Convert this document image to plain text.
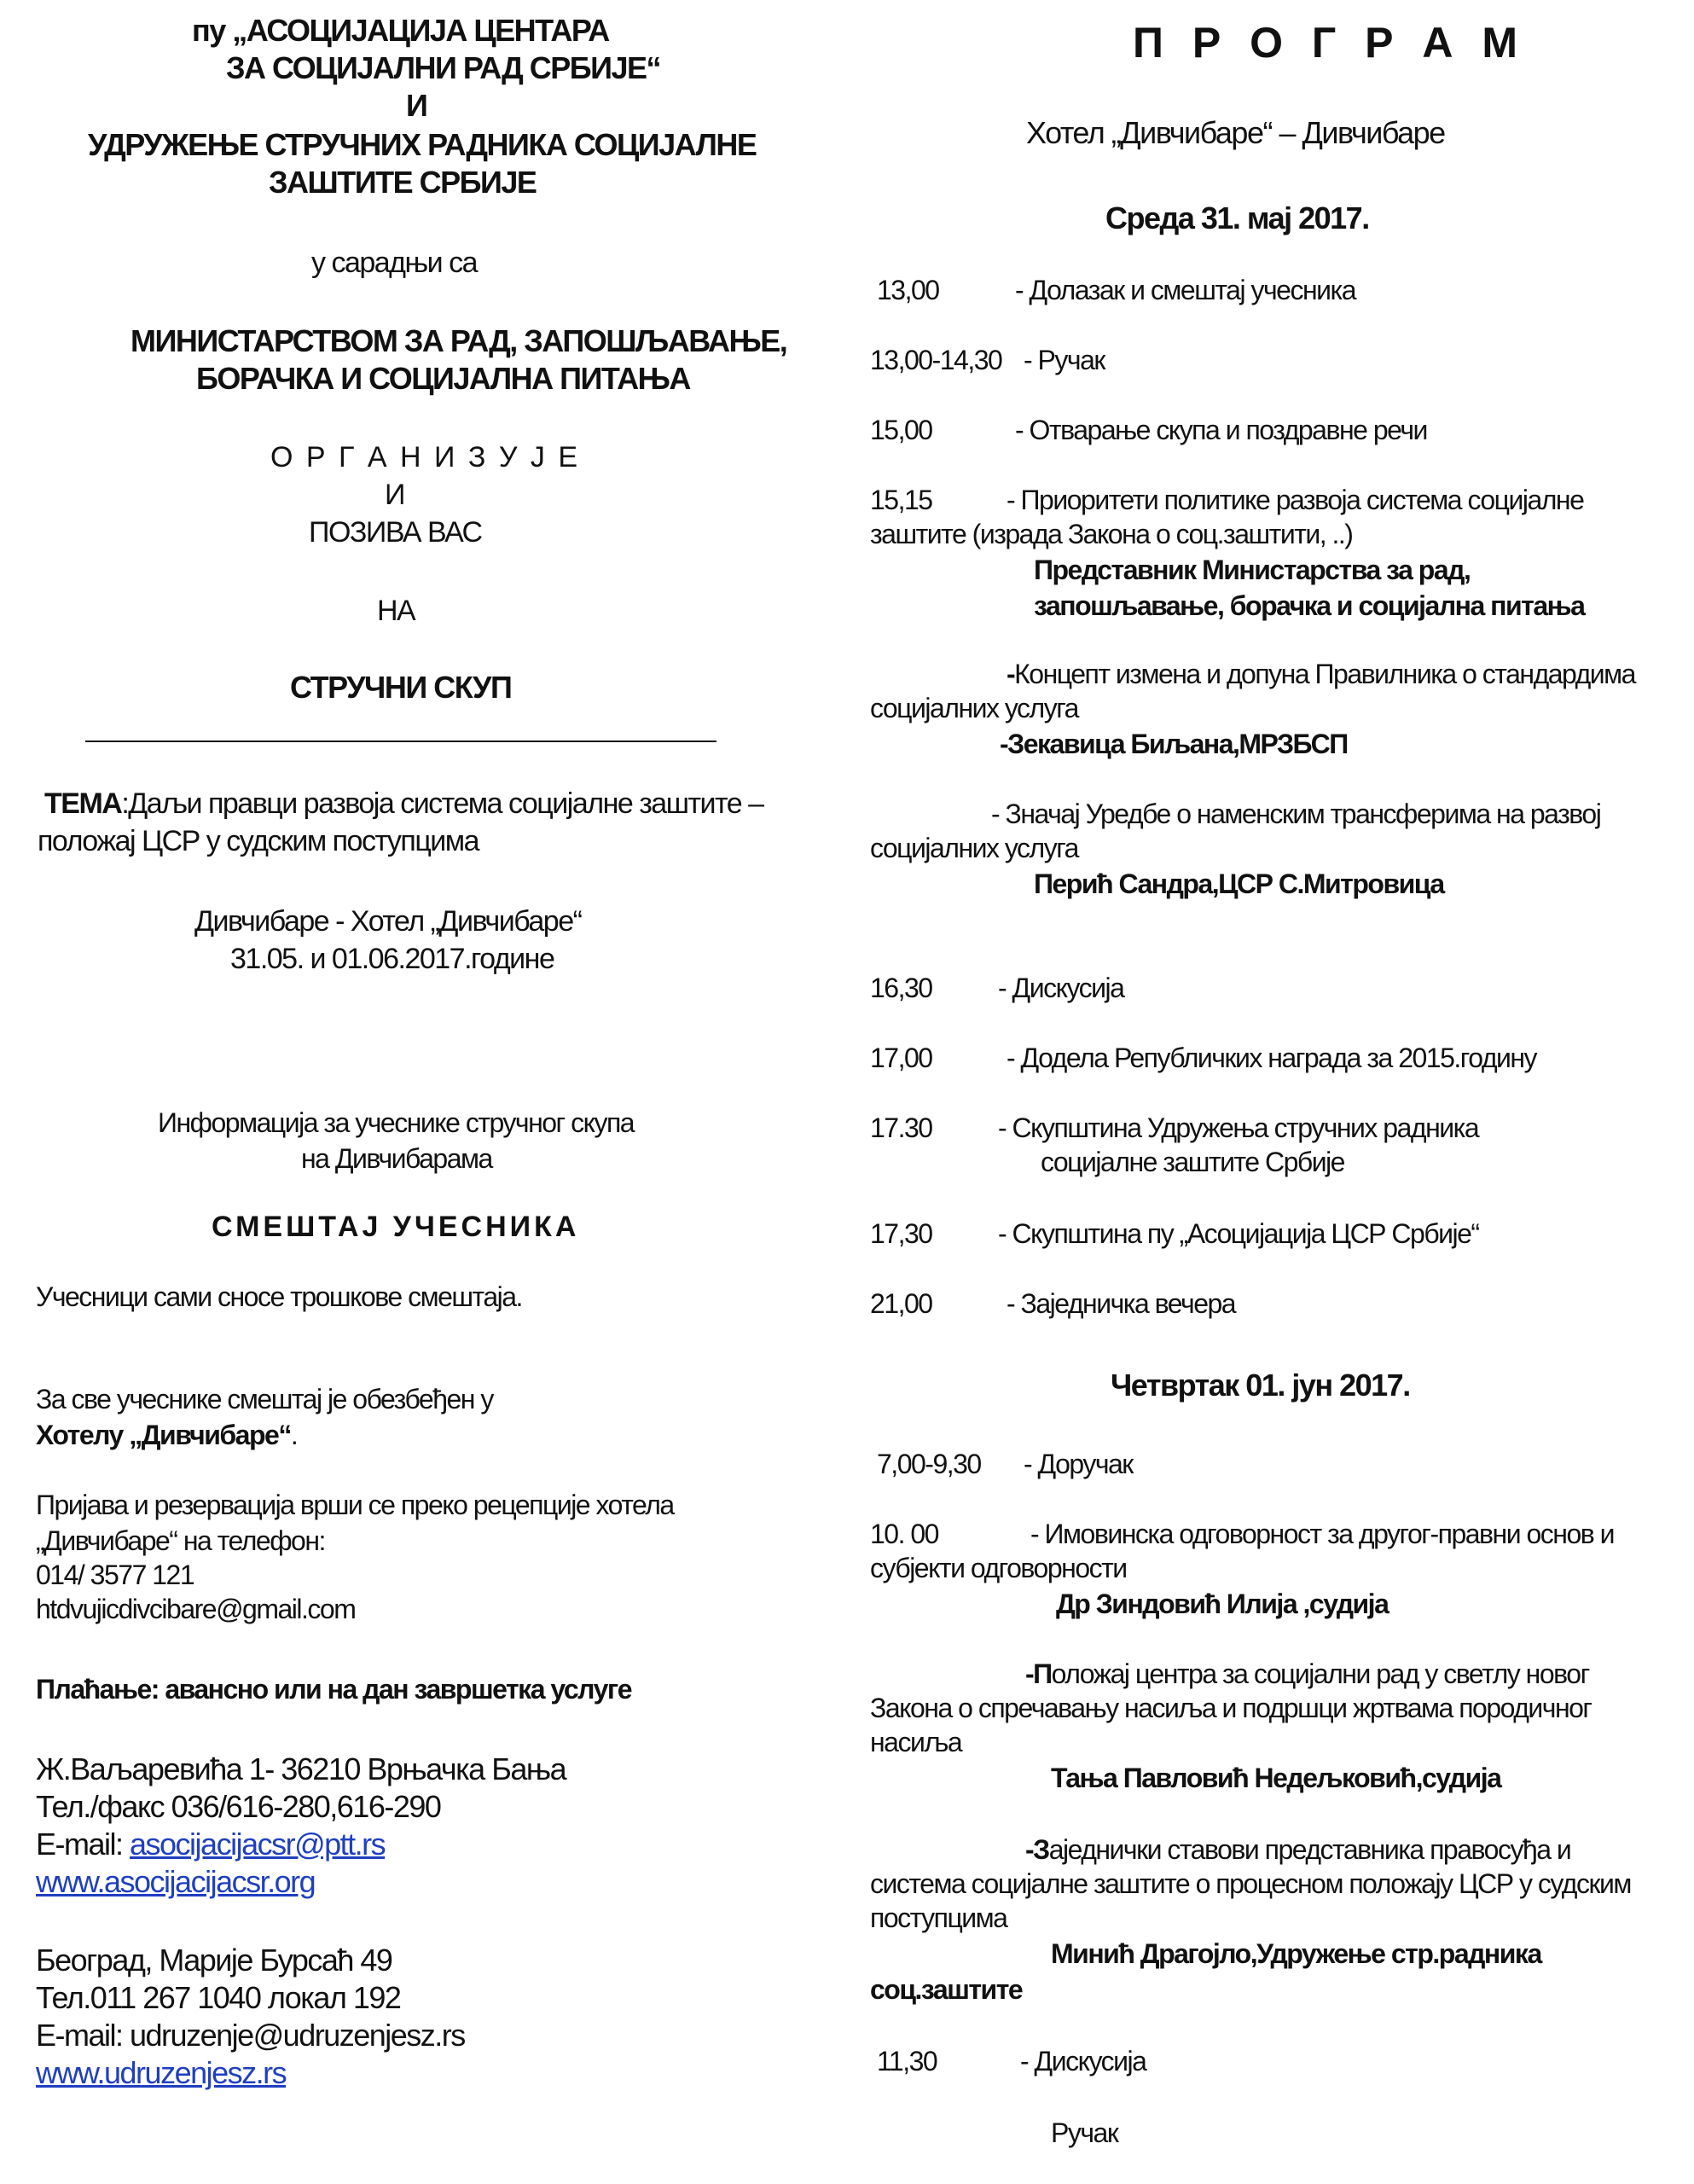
пу „АСОЦИЈАЦИЈА ЦЕНТАРА
ЗА СОЦИЈАЛНИ РАД СРБИЈЕ“
И
УДРУЖЕЊЕ СТРУЧНИХ РАДНИКА СОЦИЈАЛНЕ
ЗАШТИТЕ СРБИЈЕ
у сарадњи са
МИНИСТАРСТВОМ ЗА РАД, ЗАПОШЉАВАЊЕ,
БОРАЧКА И СОЦИЈАЛНА ПИТАЊА
О Р Г А Н И З У Ј Е
И
ПОЗИВА ВАС
НА
СТРУЧНИ СКУП
ТЕМА:Даљи правци развоја система социјалне заштите –
положај ЦСР у судским поступцима
Дивчибаре - Хотел „Дивчибаре“
31.05. и 01.06.2017.године
Информација за учеснике стручног скупа
на Дивчибарама
СМЕШТАЈ УЧЕСНИКА
Учесници сами сносе трошкове смештаја.
За све учеснике смештај је обезбеђен у
Хотелу „Дивчибаре“.
Пријава и резервација врши се преко рецепције хотела
„Дивчибаре“ на телефон:
014/ 3577 121
htdvujicdivcibare@gmail.com
Плаћање: авансно или на дан завршетка услуге
Ж.Ваљаревића 1- 36210 Врњачка Бања
Тел./факс 036/616-280,616-290
E-mail: asocijacijacsr@ptt.rs
www.asocijacijacsr.org
Београд, Марије Бурсаћ 49
Тел.011 267 1040 локал 192
E-mail: udruzenje@udruzenjesz.rs
www.udruzenjesz.rs
П Р О Г Р А М
Хотел „Дивчибаре“ – Дивчибаре
Среда 31. мај 2017.
13,00	- Долазак и смештај учесника
13,00-14,30 - Ручак
15,00	- Отварање скупа и поздравне речи
15,15	- Приоритети политике развоја система социјалне
заштите (израда Закона о соц.заштити, ..)
Представник Министарства за рад,
запошљавање, борачка и социјална питања
-Концепт измена и допуна Правилника о стандардима
социјалних услуга
-Зекавица Биљана,МРЗБСП
- Значај Уредбе о наменским трансферима на развој
социјалних услуга
Перић Сандра,ЦСР С.Митровица
16,30 - Дискусија
17,00	- Додела Републичких награда за 2015.годину
17.30 - Скупштина Удружења стручних радника
социјалне заштите Србије
17,30 - Скупштина пу „Асоцијација ЦСР Србије“
21,00	- Заједничка вечера
Четвртак 01. јун 2017.
7,00-9,30 - Доручак
10. 00	- Имовинска одговорност за другог-правни основ и
субјекти одговорности
Др Зиндовић Илија ,судија
-Положај центра за социјални рад у светлу новог
Закона о спречавању насиља и подршци жртвама породичног
насиља
Тања Павловић Недељковић,судија
-Заједнички ставови представника правосуђа и
система социјалне заштите о процесном положају ЦСР у судским
поступцима
Минић Драгојло,Удружење стр.радника
соц.заштите
11,30	- Дискусија
Ручак
